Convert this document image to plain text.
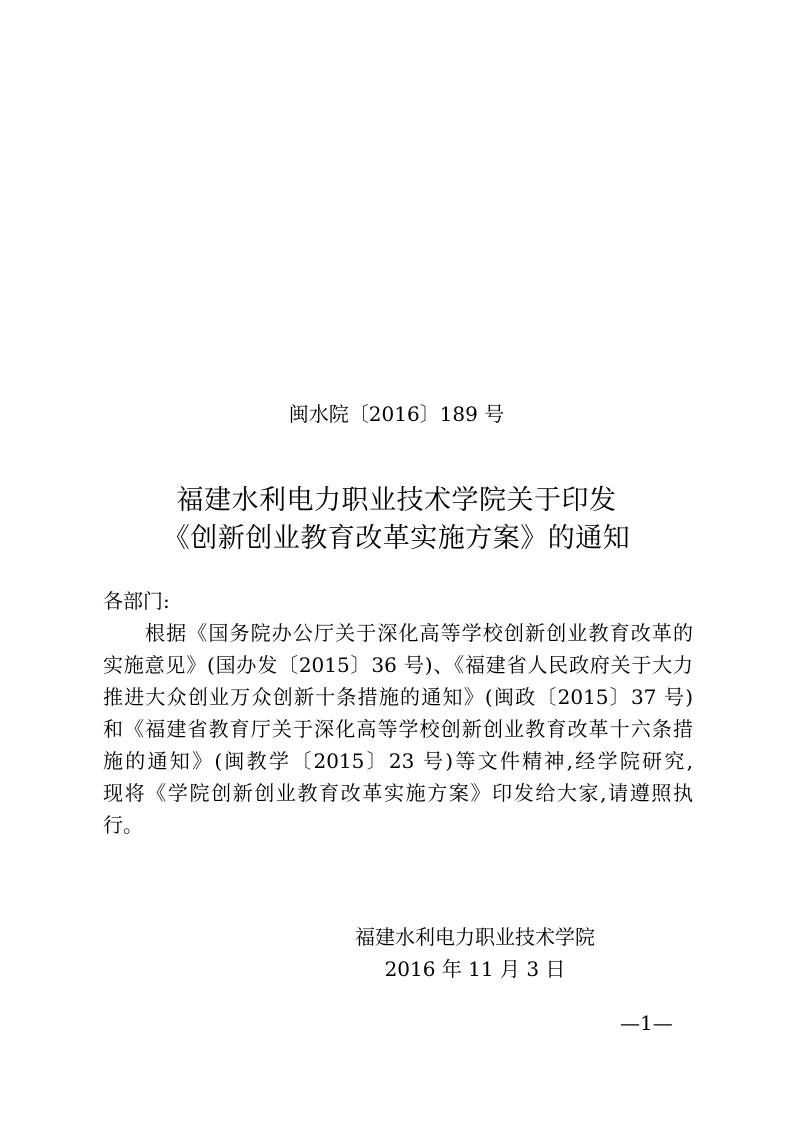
闽水院〔2016〕189 号
福建水利电力职业技术学院关于印发
《创新创业教育改革实施方案》的通知
各部门:
根据《国务院办公厅关于深化高等学校创新创业教育改革的
实施意见》(国办发〔2015〕36 号)、《福建省人民政府关于大力
推进大众创业万众创新十条措施的通知》(闽政〔2015〕37 号)
和《福建省教育厅关于深化高等学校创新创业教育改革十六条措
施的通知》(闽教学〔2015〕23 号)等文件精神,经学院研究,
现将《学院创新创业教育改革实施方案》印发给大家,请遵照执
行。
福建水利电力职业技术学院
2016 年 11 月 3 日
—1—
